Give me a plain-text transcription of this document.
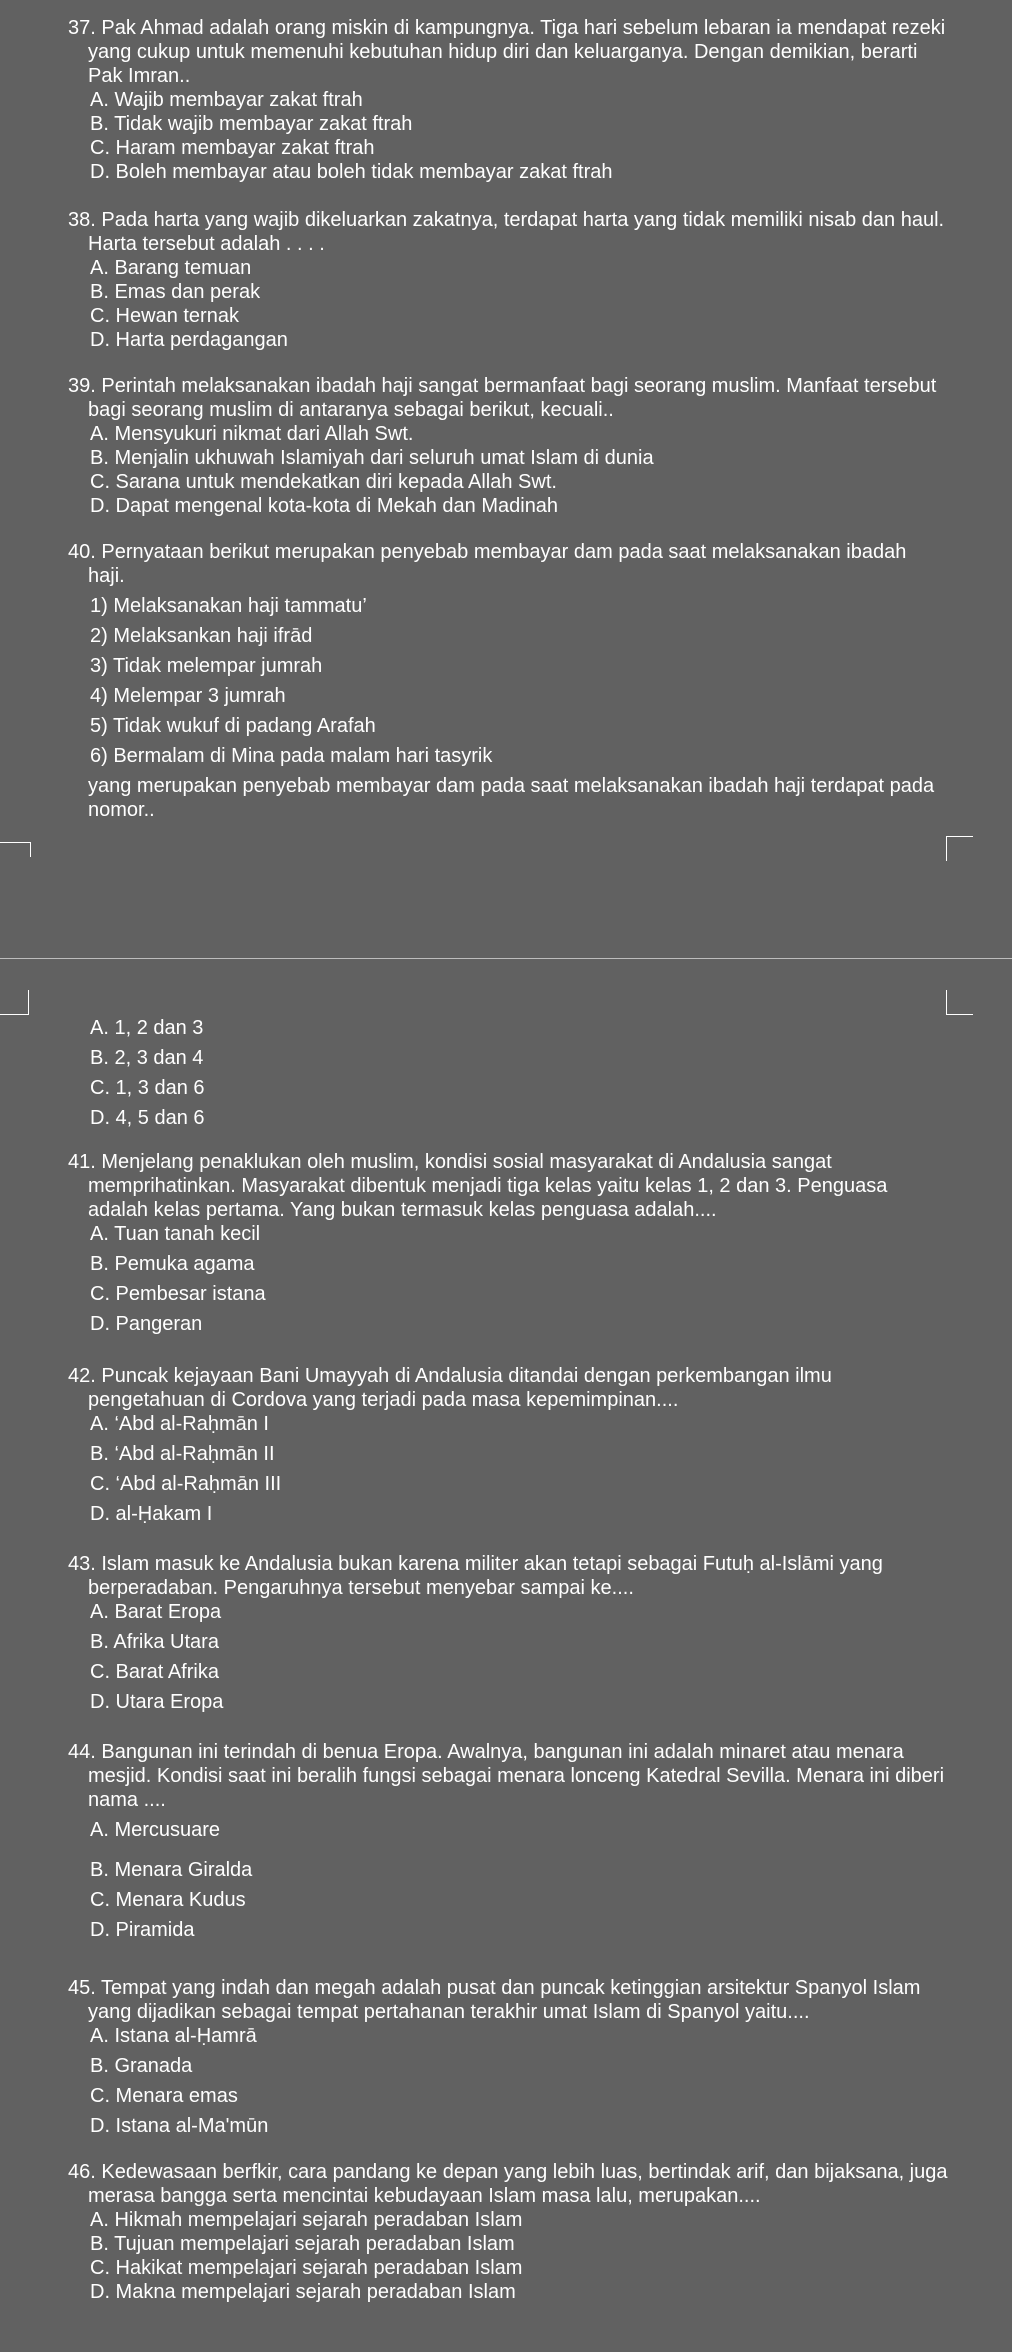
37. Pak Ahmad adalah orang miskin di kampungnya. Tiga hari sebelum lebaran ia mendapat rezeki yang cukup untuk memenuhi kebutuhan hidup diri dan keluarganya. Dengan demikian, berarti Pak Imran..

A. Wajib membayar zakat ftrah

B. Tidak wajib membayar zakat ftrah

C. Haram membayar zakat ftrah

D. Boleh membayar atau boleh tidak membayar zakat ftrah

38. Pada harta yang wajib dikeluarkan zakatnya, terdapat harta yang tidak memiliki nisab dan haul. Harta tersebut adalah . . . .

A. Barang temuan

B. Emas dan perak

C. Hewan ternak

D. Harta perdagangan

39. Perintah melaksanakan ibadah haji sangat bermanfaat bagi seorang muslim. Manfaat tersebut bagi seorang muslim di antaranya sebagai berikut, kecuali..

A. Mensyukuri nikmat dari Allah Swt.

B. Menjalin ukhuwah Islamiyah dari seluruh umat Islam di dunia

C. Sarana untuk mendekatkan diri kepada Allah Swt.

D. Dapat mengenal kota-kota di Mekah dan Madinah

40. Pernyataan berikut merupakan penyebab membayar dam pada saat melaksanakan ibadah haji.

1) Melaksanakan haji tammatu’

2) Melaksankan haji ifrād

3) Tidak melempar jumrah

4) Melempar 3 jumrah

5) Tidak wukuf di padang Arafah

6) Bermalam di Mina pada malam hari tasyrik

yang merupakan penyebab membayar dam pada saat melaksanakan ibadah haji terdapat pada nomor..

A. 1, 2 dan 3

B. 2, 3 dan 4

C. 1, 3 dan 6

D. 4, 5 dan 6

41. Menjelang penaklukan oleh muslim, kondisi sosial masyarakat di Andalusia sangat memprihatinkan. Masyarakat dibentuk menjadi tiga kelas yaitu kelas 1, 2 dan 3. Penguasa adalah kelas pertama. Yang bukan termasuk kelas penguasa adalah....

A. Tuan tanah kecil

B. Pemuka agama

C. Pembesar istana

D. Pangeran

42. Puncak kejayaan Bani Umayyah di Andalusia ditandai dengan perkembangan ilmu pengetahuan di Cordova yang terjadi pada masa kepemimpinan....

A. ‘Abd al-Raḥmān I

B. ‘Abd al-Raḥmān II

C. ‘Abd al-Raḥmān III

D. al-Ḥakam I

43. Islam masuk ke Andalusia bukan karena militer akan tetapi sebagai Futuḥ al-Islāmi yang berperadaban. Pengaruhnya tersebut menyebar sampai ke....

A. Barat Eropa

B. Afrika Utara

C. Barat Afrika

D. Utara Eropa

44. Bangunan ini terindah di benua Eropa. Awalnya, bangunan ini adalah minaret atau menara mesjid. Kondisi saat ini beralih fungsi sebagai menara lonceng Katedral Sevilla. Menara ini diberi nama ....

A. Mercusuare

B. Menara Giralda

C. Menara Kudus

D. Piramida

45. Tempat yang indah dan megah adalah pusat dan puncak ketinggian arsitektur Spanyol Islam yang dijadikan sebagai tempat pertahanan terakhir umat Islam di Spanyol yaitu....

A. Istana al-Ḥamrā

B. Granada

C. Menara emas

D. Istana al-Ma'mūn

46. Kedewasaan berfkir, cara pandang ke depan yang lebih luas, bertindak arif, dan bijaksana, juga merasa bangga serta mencintai kebudayaan Islam masa lalu, merupakan....

A. Hikmah mempelajari sejarah peradaban Islam

B. Tujuan mempelajari sejarah peradaban Islam

C. Hakikat mempelajari sejarah peradaban Islam

D. Makna mempelajari sejarah peradaban Islam
